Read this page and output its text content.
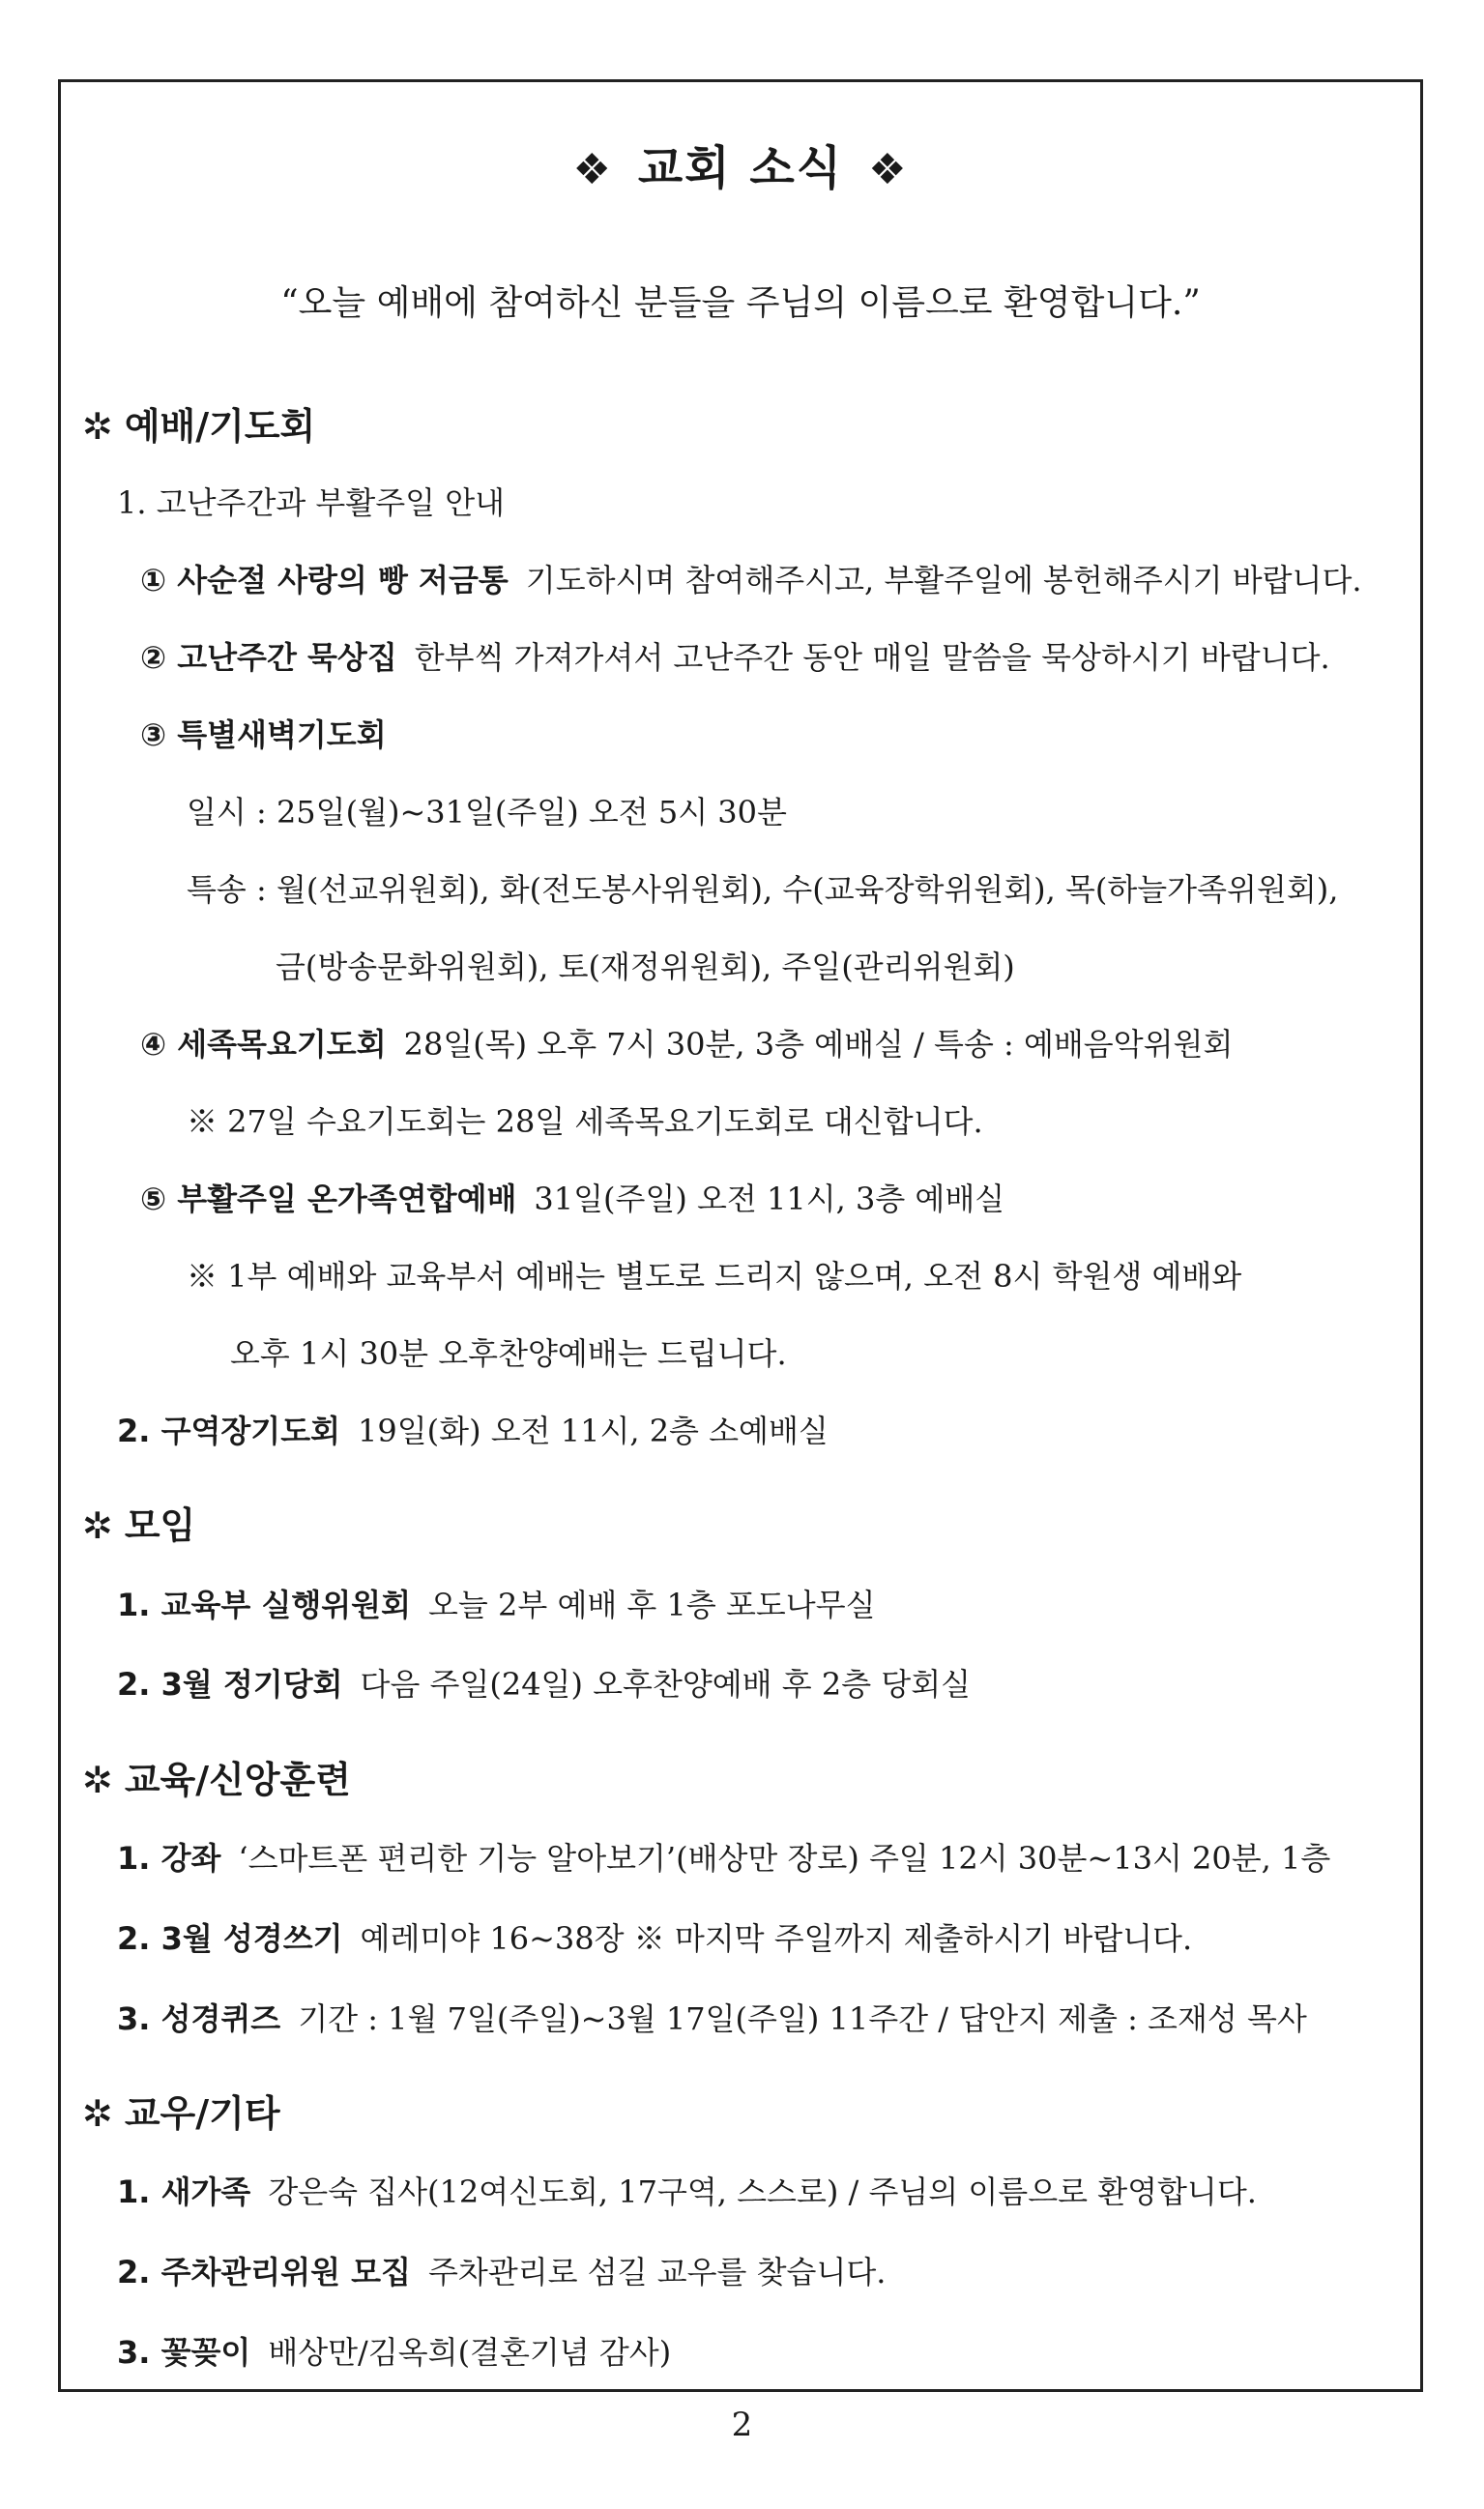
❖ 교회 소식 ❖
“오늘 예배에 참여하신 분들을 주님의 이름으로 환영합니다.”
✲ 예배/기도회
1. 고난주간과 부활주일 안내
① 사순절 사랑의 빵 저금통 기도하시며 참여해주시고, 부활주일에 봉헌해주시기 바랍니다.
② 고난주간 묵상집 한부씩 가져가셔서 고난주간 동안 매일 말씀을 묵상하시기 바랍니다.
③ 특별새벽기도회
일시 : 25일(월)~31일(주일) 오전 5시 30분
특송 : 월(선교위원회), 화(전도봉사위원회), 수(교육장학위원회), 목(하늘가족위원회),
금(방송문화위원회), 토(재정위원회), 주일(관리위원회)
④ 세족목요기도회 28일(목) 오후 7시 30분, 3층 예배실 / 특송 : 예배음악위원회
※ 27일 수요기도회는 28일 세족목요기도회로 대신합니다.
⑤ 부활주일 온가족연합예배 31일(주일) 오전 11시, 3층 예배실
※ 1부 예배와 교육부서 예배는 별도로 드리지 않으며, 오전 8시 학원생 예배와
오후 1시 30분 오후찬양예배는 드립니다.
2. 구역장기도회 19일(화) 오전 11시, 2층 소예배실
✲ 모임
1. 교육부 실행위원회 오늘 2부 예배 후 1층 포도나무실
2. 3월 정기당회 다음 주일(24일) 오후찬양예배 후 2층 당회실
✲ 교육/신앙훈련
1. 강좌 ‘스마트폰 편리한 기능 알아보기’(배상만 장로) 주일 12시 30분~13시 20분, 1층
2. 3월 성경쓰기 예레미야 16~38장 ※ 마지막 주일까지 제출하시기 바랍니다.
3. 성경퀴즈 기간 : 1월 7일(주일)~3월 17일(주일) 11주간 / 답안지 제출 : 조재성 목사
✲ 교우/기타
1. 새가족 강은숙 집사(12여신도회, 17구역, 스스로) / 주님의 이름으로 환영합니다.
2. 주차관리위원 모집 주차관리로 섬길 교우를 찾습니다.
3. 꽃꽂이 배상만/김옥희(결혼기념 감사)
2
